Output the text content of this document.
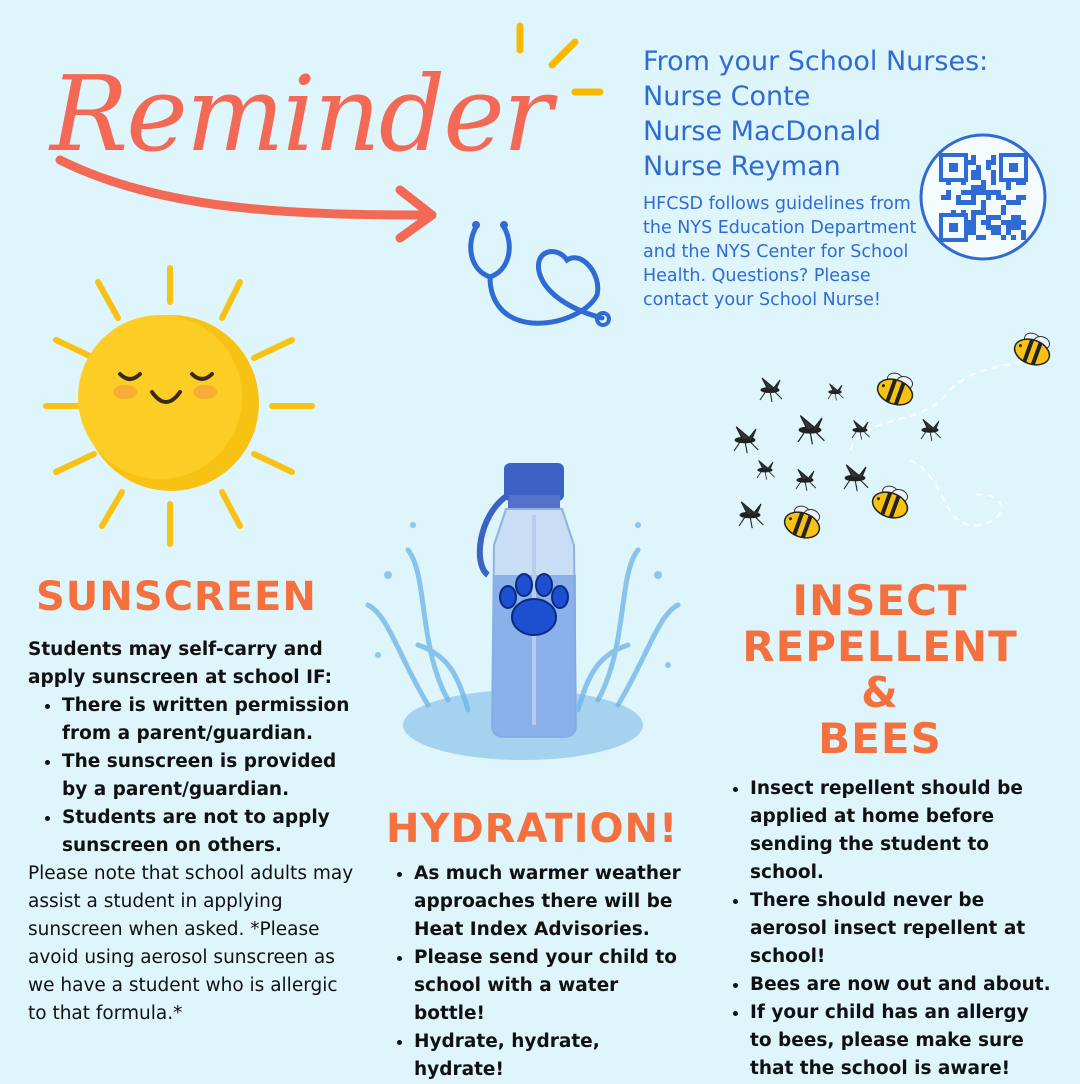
Reminder	From your School Nurses:

Nurse Conte

Nurse MacDonald

Nurse Reyman

HFCSD follows guidelines from the NYS Education Department and the NYS Center for School Health. Questions? Please contact your School Nurse!
SUNSCREEN
HYDRATION!
INSECT
REPELLENT
&
BEES
Students may self-carry and apply sunscreen at school IF:
• There is written permission from a parent/guardian.
• The sunscreen is provided by a parent/guardian.
• Students are not to apply sunscreen on others.
Please note that school adults may assist a student in applying sunscreen when asked. *Please avoid using aerosol sunscreen as we have a student who is allergic to that formula.*
• As much warmer weather approaches there will be Heat Index Advisories.
• Please send your child to school with a water bottle!
• Hydrate, hydrate, hydrate!
• Insect repellent should be applied at home before sending the student to school.
• There should never be aerosol insect repellent at school!
• Bees are now out and about.
• If your child has an allergy to bees, please make sure that the school is aware!
